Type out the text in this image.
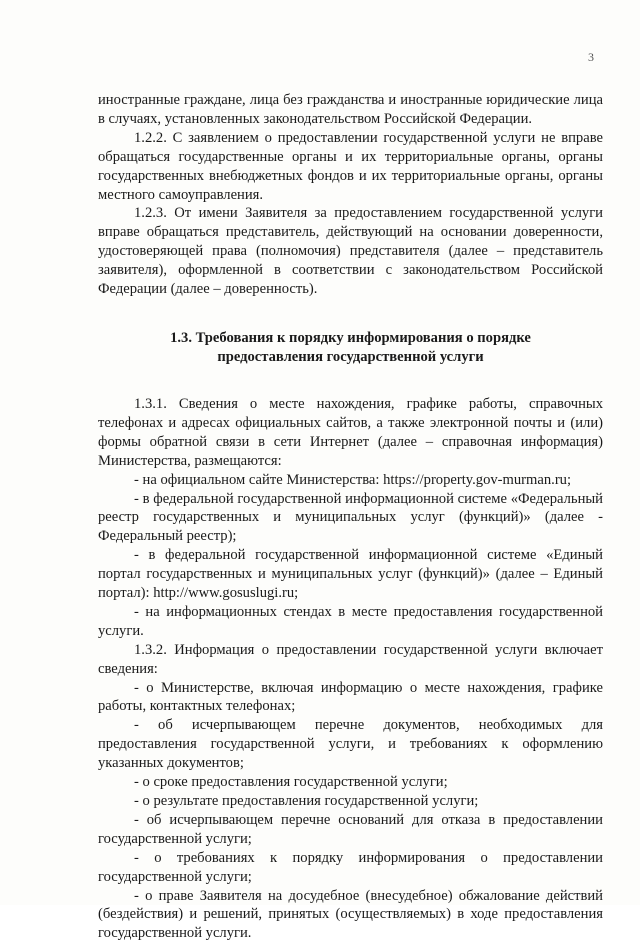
3

иностранные граждане, лица без гражданства и иностранные юридические лица в случаях, установленных законодательством Российской Федерации.

1.2.2. С заявлением о предоставлении государственной услуги не вправе обращаться государственные органы и их территориальные органы, органы государственных внебюджетных фондов и их территориальные органы, органы местного самоуправления.

1.2.3. От имени Заявителя за предоставлением государственной услуги вправе обращаться представитель, действующий на основании доверенности, удостоверяющей права (полномочия) представителя (далее – представитель заявителя), оформленной в соответствии с законодательством Российской Федерации (далее – доверенность).

1.3. Требования к порядку информирования о порядке
предоставления государственной услуги

1.3.1. Сведения о месте нахождения, графике работы, справочных телефонах и адресах официальных сайтов, а также электронной почты и (или) формы обратной связи в сети Интернет (далее – справочная информация) Министерства, размещаются:

- на официальном сайте Министерства: https://property.gov-murman.ru;

- в федеральной государственной информационной системе «Федеральный реестр государственных и муниципальных услуг (функций)» (далее - Федеральный реестр);

- в федеральной государственной информационной системе «Единый портал государственных и муниципальных услуг (функций)» (далее – Единый портал): http://www.gosuslugi.ru;

- на информационных стендах в месте предоставления государственной услуги.

1.3.2. Информация о предоставлении государственной услуги включает сведения:

- о Министерстве, включая информацию о месте нахождения, графике работы, контактных телефонах;

- об исчерпывающем перечне документов, необходимых для предоставления государственной услуги, и требованиях к оформлению указанных документов;

- о сроке предоставления государственной услуги;

- о результате предоставления государственной услуги;

- об исчерпывающем перечне оснований для отказа в предоставлении государственной услуги;

- о требованиях к порядку информирования о предоставлении государственной услуги;

- о праве Заявителя на досудебное (внесудебное) обжалование действий (бездействия) и решений, принятых (осуществляемых) в ходе предоставления государственной услуги.
